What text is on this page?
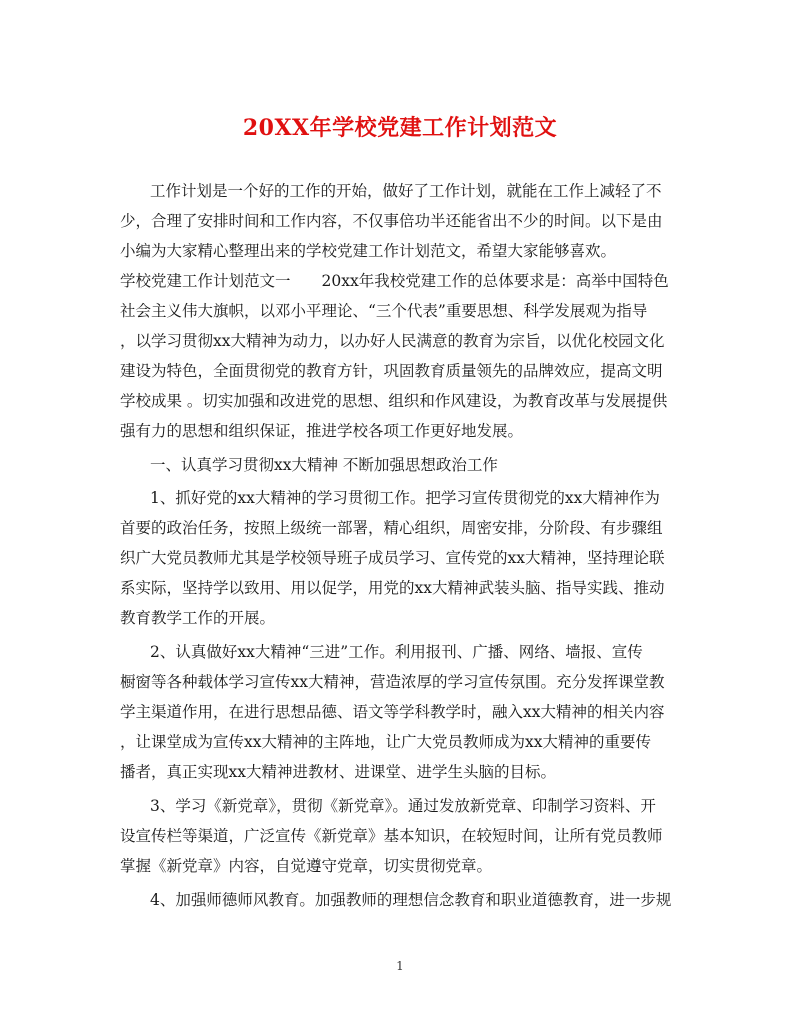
20XX年学校党建工作计划范文
工作计划是一个好的工作的开始，做好了工作计划，就能在工作上减轻了不
少，合理了安排时间和工作内容，不仅事倍功半还能省出不少的时间。以下是由
小编为大家精心整理出来的学校党建工作计划范文，希望大家能够喜欢。
学校党建工作计划范文一　　20xx年我校党建工作的总体要求是：高举中国特色
社会主义伟大旗帜，以邓小平理论、“三个代表”重要思想、科学发展观为指导
，以学习贯彻xx大精神为动力，以办好人民满意的教育为宗旨，以优化校园文化
建设为特色，全面贯彻党的教育方针，巩固教育质量领先的品牌效应，提高文明
学校成果 。切实加强和改进党的思想、组织和作风建设，为教育改革与发展提供
强有力的思想和组织保证，推进学校各项工作更好地发展。
一、认真学习贯彻xx大精神 不断加强思想政治工作
1、抓好党的xx大精神的学习贯彻工作。把学习宣传贯彻党的xx大精神作为
首要的政治任务，按照上级统一部署，精心组织，周密安排，分阶段、有步骤组
织广大党员教师尤其是学校领导班子成员学习、宣传党的xx大精神，坚持理论联
系实际，坚持学以致用、用以促学，用党的xx大精神武装头脑、指导实践、推动
教育教学工作的开展。
2、认真做好xx大精神“三进”工作。利用报刊、广播、网络、墙报、宣传
橱窗等各种载体学习宣传xx大精神，营造浓厚的学习宣传氛围。充分发挥课堂教
学主渠道作用，在进行思想品德、语文等学科教学时，融入xx大精神的相关内容
，让课堂成为宣传xx大精神的主阵地，让广大党员教师成为xx大精神的重要传
播者，真正实现xx大精神进教材、进课堂、进学生头脑的目标。
3、学习《新党章》，贯彻《新党章》。通过发放新党章、印制学习资料、开
设宣传栏等渠道，广泛宣传《新党章》基本知识，在较短时间，让所有党员教师
掌握《新党章》内容，自觉遵守党章，切实贯彻党章。
4、加强师德师风教育。加强教师的理想信念教育和职业道德教育，进一步规
1
